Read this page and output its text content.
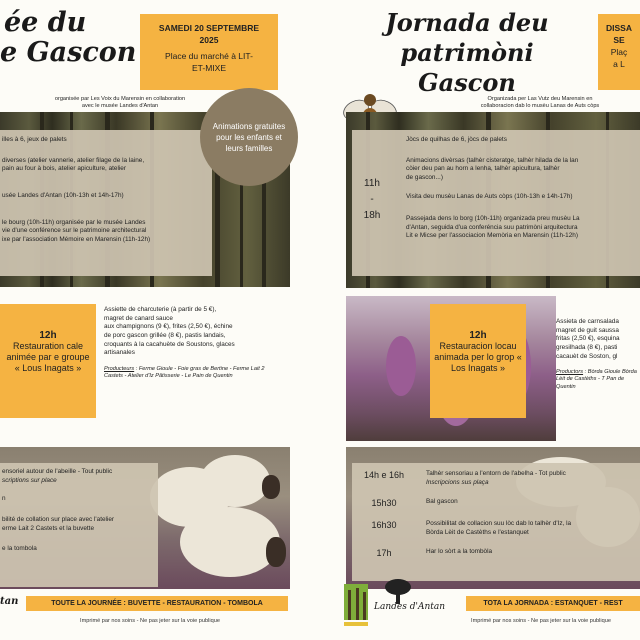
ée du
e Gascon
SAMEDI 20 SEPTEMBRE 2025
Place du marché à LIT-ET-MIXE
organisée par Les Voix du Marensin en collaboration
avec le musée Landes d'Antan
illes à 6, jeux de palets
diverses (atelier vannerie, atelier filage de la laine,
pain au four à bois, atelier apiculture, atelier
usée Landes d'Antan (10h-13h et 14h-17h)
le bourg (10h-11h) organisée par le musée Landes
vie d'une conférence sur le patrimoine architectural
ixe par l'association Mémoire en Marensin (11h-12h)
Animations gratuites pour les enfants et leurs familles
12h
Restauration cale animée par e groupe « Lous Inagats »
Assiette de charcuterie (à partir de 5 €),
magret de canard sauce
aux champignons (9 €), frites (2,50 €), échine
de porc gascon grillée (8 €), pastis landais,
croquants à la cacahuète de Soustons, glaces
artisanales
Producteurs : Ferme Gioule - Foie gras de Bertine - Ferme Lait 2 Castets - Atelier d'Iz Pâtisserie - Le Pain de Quentin
ensoriel autour de l'abeille - Tout public
scriptions sur place
n
bilité de collation sur place avec l'atelier
erme Lait 2 Castets et la buvette
e la tombola
tan	TOUTE LA JOURNÉE : BUVETTE - RESTAURATION - TOMBOLA
Imprimé par nos soins - Ne pas jeter sur la voie publique
Jornada deu
patrimòni Gascon
DISSA
SE
Plaç
a L
Organizada per Las Vutz deu Marensin en
collaboracion dab lo musèu Lanas de Auts còps
11h
-
18h
Jòcs de quilhas de 6, jòcs de palets
Animacions divèrsas (talhèr cisteratge, talhèr hilada de la lan
còier deu pan au horn a lenha, talhèr apicultura, talhèr
de gascon...)
Visita deu musèu Lanas de Auts còps (10h-13h e 14h-17h)
Passejada dens lo borg (10h-11h) organizada preu musèu La
d'Antan, seguida d'ua conferéncia suu patrimòni arquitectura
Lit e Micse per l'associacion Memòria en Marensin (11h-12h)
12h
Restauracion locau animada per lo grop « Los Inagats »
Assieta de carnsalada
magret de guit saussa
fritas (2,50 €), esquina
gresilhada (8 €), pasti
cacauèt de Soston, gl
Productors : Bòrda Gioule Bòrda Lèit de Castèths - T Pan de Quentin
14h e 16h
15h30
16h30
17h
Talhèr sensoriau a l'entorn de l'abelha - Tot public
Inscripcions sus plaça
Bal gascon
Possibilitat de collacion suu lòc dab lo talhèr d'Iz, la Bòrda Lèit de Castèths e l'estanquet
Har lo sòrt a la tombòla
Landes d'Antan	TOTA LA JORNADA : ESTANQUET - REST
Imprimé par nos soins - Ne pas jeter sur la voie publique
